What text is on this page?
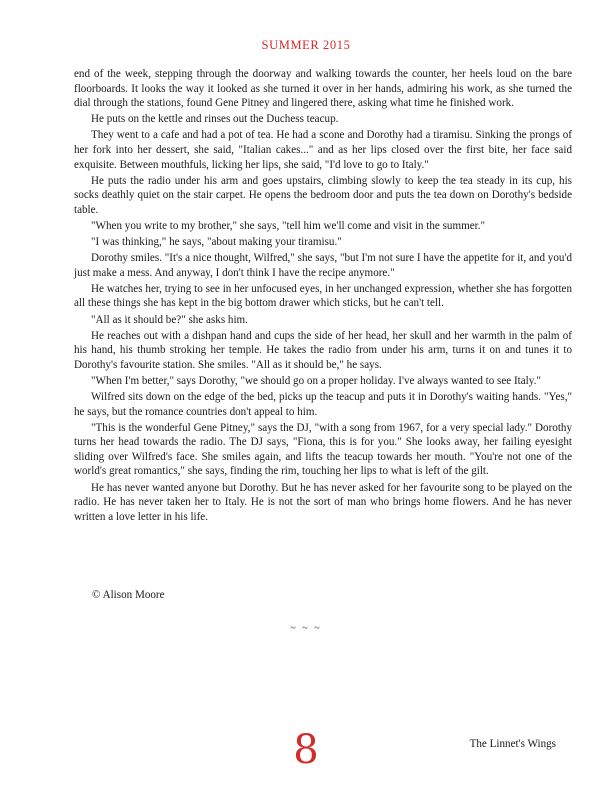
SUMMER 2015

end of the week, stepping through the doorway and walking towards the counter, her heels loud on the bare floorboards. It looks the way it looked as she turned it over in her hands, admiring his work, as she turned the dial through the stations, found Gene Pitney and lingered there, asking what time he finished work.

He puts on the kettle and rinses out the Duchess teacup.

They went to a cafe and had a pot of tea. He had a scone and Dorothy had a tiramisu. Sinking the prongs of her fork into her dessert, she said, "Italian cakes..." and as her lips closed over the first bite, her face said exquisite. Between mouthfuls, licking her lips, she said, "I'd love to go to Italy."

He puts the radio under his arm and goes upstairs, climbing slowly to keep the tea steady in its cup, his socks deathly quiet on the stair carpet. He opens the bedroom door and puts the tea down on Dorothy's bedside table.

"When you write to my brother," she says, "tell him we'll come and visit in the summer."

"I was thinking," he says, "about making your tiramisu."

Dorothy smiles. "It's a nice thought, Wilfred," she says, "but I'm not sure I have the appetite for it, and you'd just make a mess. And anyway, I don't think I have the recipe anymore."

He watches her, trying to see in her unfocused eyes, in her unchanged expression, whether she has forgotten all these things she has kept in the big bottom drawer which sticks, but he can't tell.

"All as it should be?" she asks him.

He reaches out with a dishpan hand and cups the side of her head, her skull and her warmth in the palm of his hand, his thumb stroking her temple. He takes the radio from under his arm, turns it on and tunes it to Dorothy's favourite station. She smiles. "All as it should be," he says.

"When I'm better," says Dorothy, "we should go on a proper holiday. I've always wanted to see Italy."

Wilfred sits down on the edge of the bed, picks up the teacup and puts it in Dorothy's waiting hands. "Yes," he says, but the romance countries don't appeal to him.

"This is the wonderful Gene Pitney," says the DJ, "with a song from 1967, for a very special lady." Dorothy turns her head towards the radio. The DJ says, "Fiona, this is for you." She looks away, her failing eyesight sliding over Wilfred's face. She smiles again, and lifts the teacup towards her mouth. "You're not one of the world's great romantics," she says, finding the rim, touching her lips to what is left of the gilt.

He has never wanted anyone but Dorothy. But he has never asked for her favourite song to be played on the radio. He has never taken her to Italy. He is not the sort of man who brings home flowers. And he has never written a love letter in his life.

© Alison Moore
~ ~ ~
8	The Linnet's Wings
